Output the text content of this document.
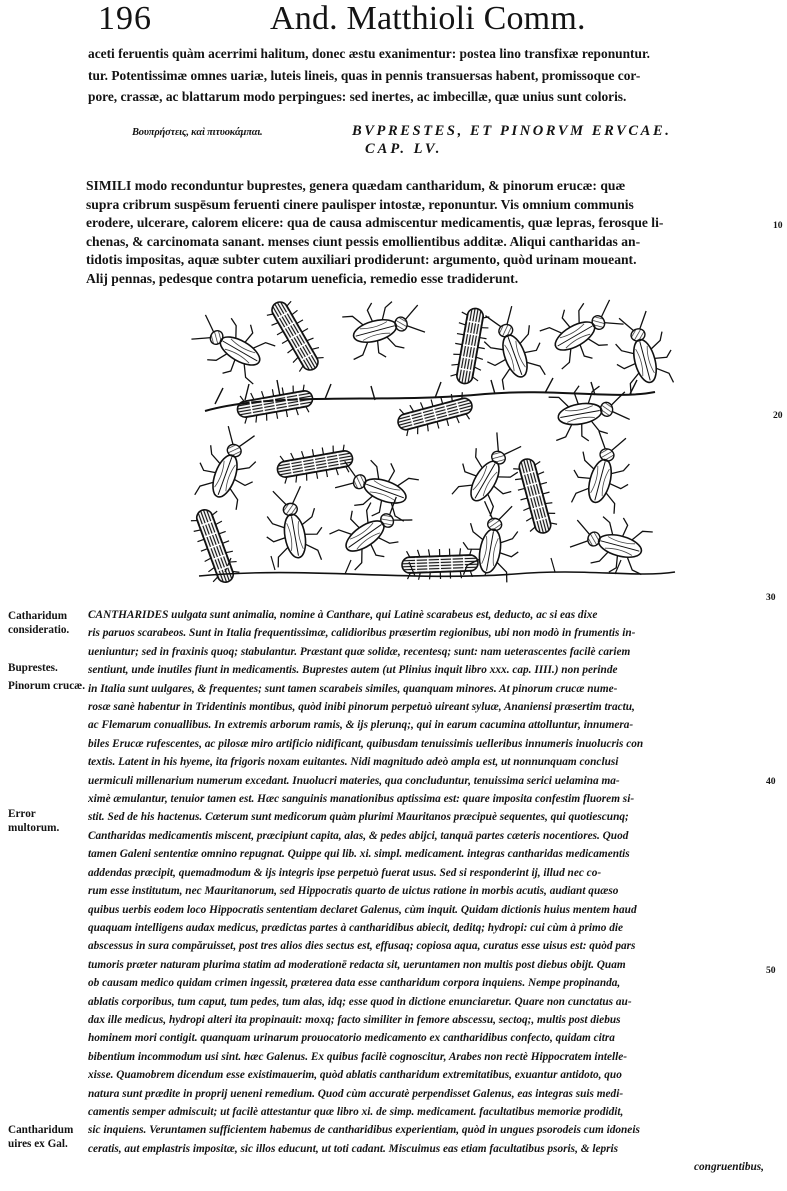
196	And. Matthioli Comm.
aceti feruentis quàm acerrimi halitum, donec æstu exanimentur: postea lino transfixæ reponuntur.
tur. Potentissimæ omnes uariæ, luteis lineis, quas in pennis transuersas habent, promissoque cor-
pore, crassæ, ac blattarum modo perpingues: sed inertes, ac imbecillæ, quæ unius sunt coloris.
Βουπρήστεις, καὶ πιτυοκάμπαι.	BVPRESTES, ET PINORVM ERVCAE.
CAP. LV.
SIMILI modo reconduntur buprestes, genera quædam cantharidum, & pinorum erucæ: quæ
supra cribrum suspēsum feruenti cinere paulisper intostæ, reponuntur. Vis omnium communis
erodere, ulcerare, calorem elicere: qua de causa admiscentur medicamentis, quæ lepras, ferosque li-
chenas, & carcinomata sanant. menses ciunt pessis emollientibus additæ. Aliqui cantharidas an-
tidotis impositas, aquæ subter cutem auxiliari prodiderunt: argumento, quòd urinam moueant.
Alij pennas, pedesque contra potarum ueneficia, remedio esse tradiderunt.
10
20
30
40
50
Catharidum consideratio.
Buprestes.
Pinorum crucæ.
Error multorum.
Cantharidum uires ex Gal.
CANTHARIDES uulgata sunt animalia, nomine à Canthare, qui Latinè scarabeus est, deducto, ac si eas dixe
ris paruos scarabeos. Sunt in Italia frequentissimæ, calidioribus præsertim regionibus, ubi non modò in frumentis in-
ueniuntur; sed in fraxinis quoq; stabulantur. Præstant quæ solidæ, recentesq; sunt: nam ueterascentes facilè cariem
sentiunt, unde inutiles fiunt in medicamentis. Buprestes autem (ut Plinius inquit libro xxx. cap. IIII.) non perinde
in Italia sunt uulgares, & frequentes; sunt tamen scarabeis similes, quanquam minores. At pinorum crucæ nume-
rosæ sanè habentur in Tridentinis montibus, quòd inibi pinorum perpetuò uireant syluæ, Ananiensi præsertim tractu,
ac Flemarum conuallibus. In extremis arborum ramis, & ijs plerunq;, qui in earum cacumina attolluntur, innumera-
biles Erucæ rufescentes, ac pilosæ miro artificio nidificant, quibusdam tenuissimis uelleribus innumeris inuolucris con
textis. Latent in his hyeme, ita frigoris noxam euitantes. Nidi magnitudo adeò ampla est, ut nonnunquam conclusi
uermiculi millenarium numerum excedant. Inuolucri materies, qua concluduntur, tenuissima serici uelamina ma-
ximè æmulantur, tenuior tamen est. Hæc sanguinis manationibus aptissima est: quare imposita confestim fluorem si-
stit. Sed de his hactenus. Cæterum sunt medicorum quàm plurimi Mauritanos præcipuè sequentes, qui quotiescunq;
Cantharidas medicamentis miscent, præcipiunt capita, alas, & pedes abijci, tanquā partes cæteris nocentiores. Quod
tamen Galeni sententiæ omnino repugnat. Quippe qui lib. xi. simpl. medicament. integras cantharidas medicamentis
addendas præcipit, quemadmodum & ijs integris ipse perpetuò fuerat usus. Sed si responderint ij, illud nec co-
rum esse institutum, nec Mauritanorum, sed Hippocratis quarto de uictus ratione in morbis acutis, audiant quæso
quibus uerbis eodem loco Hippocratis sententiam declaret Galenus, cùm inquit. Quidam dictionis huius mentem haud
quaquam intelligens audax medicus, prædictas partes à cantharidibus abiecit, deditq; hydropi: cui cùm à primo die
abscessus in sura compăruisset, post tres alios dies sectus est, effusaq; copiosa aqua, curatus esse uisus est: quòd pars
tumoris præter naturam plurima statim ad moderationē redacta sit, ueruntamen non multis post diebus obijt. Quam
ob causam medico quidam crimen ingessit, præterea data esse cantharidum corpora inquiens. Nempe propinanda,
ablatis corporibus, tum caput, tum pedes, tum alas, idq; esse quod in dictione enunciaretur. Quare non cunctatus au-
dax ille medicus, hydropi alteri ita propinauit: moxq; facto similiter in femore abscessu, sectoq;, multis post diebus
hominem mori contigit. quanquam urinarum prouocatorio medicamento ex cantharidibus confecto, quidam citra
bibentium incommodum usi sint. hæc Galenus. Ex quibus facilè cognoscitur, Arabes non rectè Hippocratem intelle-
xisse. Quamobrem dicendum esse existimauerim, quòd ablatis cantharidum extremitatibus, exuantur antidoto, quo
natura sunt prædite in proprij ueneni remedium. Quod cùm accuratè perpendisset Galenus, eas integras suis medi-
camentis semper admiscuit; ut facilè attestantur quæ libro xi. de simp. medicament. facultatibus memoriæ prodidit,
sic inquiens. Veruntamen sufficientem habemus de cantharidibus experientiam, quòd in ungues psorodeis cum idoneis
ceratis, aut emplastris impositæ, sic illos educunt, ut toti cadant. Miscuimus eas etiam facultatibus psoris, & lepris
congruentibus,
